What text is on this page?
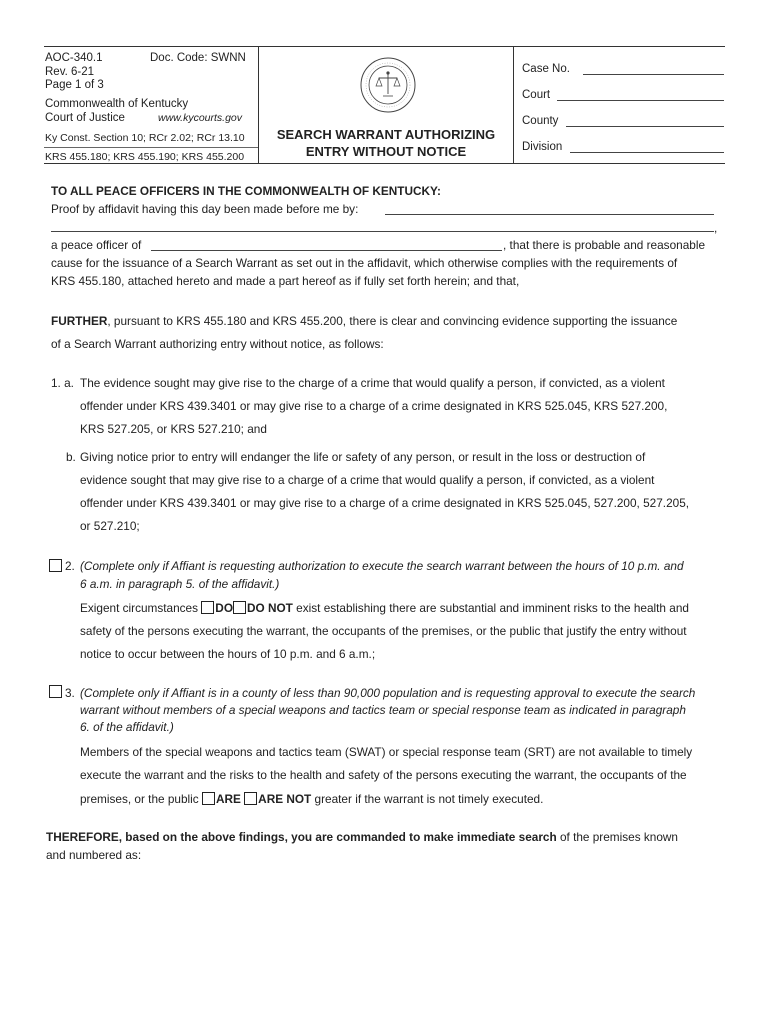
AOC-340.1	Doc. Code: SWNN
Rev. 6-21
Page 1 of 3
Commonwealth of Kentucky
Court of Justice	www.kycourts.gov
Ky Const. Section 10; RCr 2.02; RCr 13.10
KRS 455.180; KRS 455.190; KRS 455.200
SEARCH WARRANT AUTHORIZING
ENTRY WITHOUT NOTICE
Case No.
Court
County
Division
TO ALL PEACE OFFICERS IN THE COMMONWEALTH OF KENTUCKY:
Proof by affidavit having this day been made before me by:
,
a peace officer of	, that there is probable and reasonable
cause for the issuance of a Search Warrant as set out in the affidavit, which otherwise complies with the requirements of
KRS 455.180, attached hereto and made a part hereof as if fully set forth herein; and that,
FURTHER, pursuant to KRS 455.180 and KRS 455.200, there is clear and convincing evidence supporting the issuance
of a Search Warrant authorizing entry without notice, as follows:
1. a. The evidence sought may give rise to the charge of a crime that would qualify a person, if convicted, as a violent
offender under KRS 439.3401 or may give rise to a charge of a crime designated in KRS 525.045, KRS 527.200,
KRS 527.205, or KRS 527.210; and
b. Giving notice prior to entry will endanger the life or safety of any person, or result in the loss or destruction of
evidence sought that may give rise to a charge of a crime that would qualify a person, if convicted, as a violent
offender under KRS 439.3401 or may give rise to a charge of a crime designated in KRS 525.045, 527.200, 527.205,
or 527.210;
2. (Complete only if Affiant is requesting authorization to execute the search warrant between the hours of 10 p.m. and
6 a.m. in paragraph 5. of the affidavit.)
Exigent circumstances DO DO NOT exist establishing there are substantial and imminent risks to the health and
safety of the persons executing the warrant, the occupants of the premises, or the public that justify the entry without
notice to occur between the hours of 10 p.m. and 6 a.m.;
3. (Complete only if Affiant is in a county of less than 90,000 population and is requesting approval to execute the search
warrant without members of a special weapons and tactics team or special response team as indicated in paragraph
6. of the affidavit.)
Members of the special weapons and tactics team (SWAT) or special response team (SRT) are not available to timely
execute the warrant and the risks to the health and safety of the persons executing the warrant, the occupants of the
premises, or the public ARE ARE NOT greater if the warrant is not timely executed.
THEREFORE, based on the above findings, you are commanded to make immediate search of the premises known
and numbered as:
